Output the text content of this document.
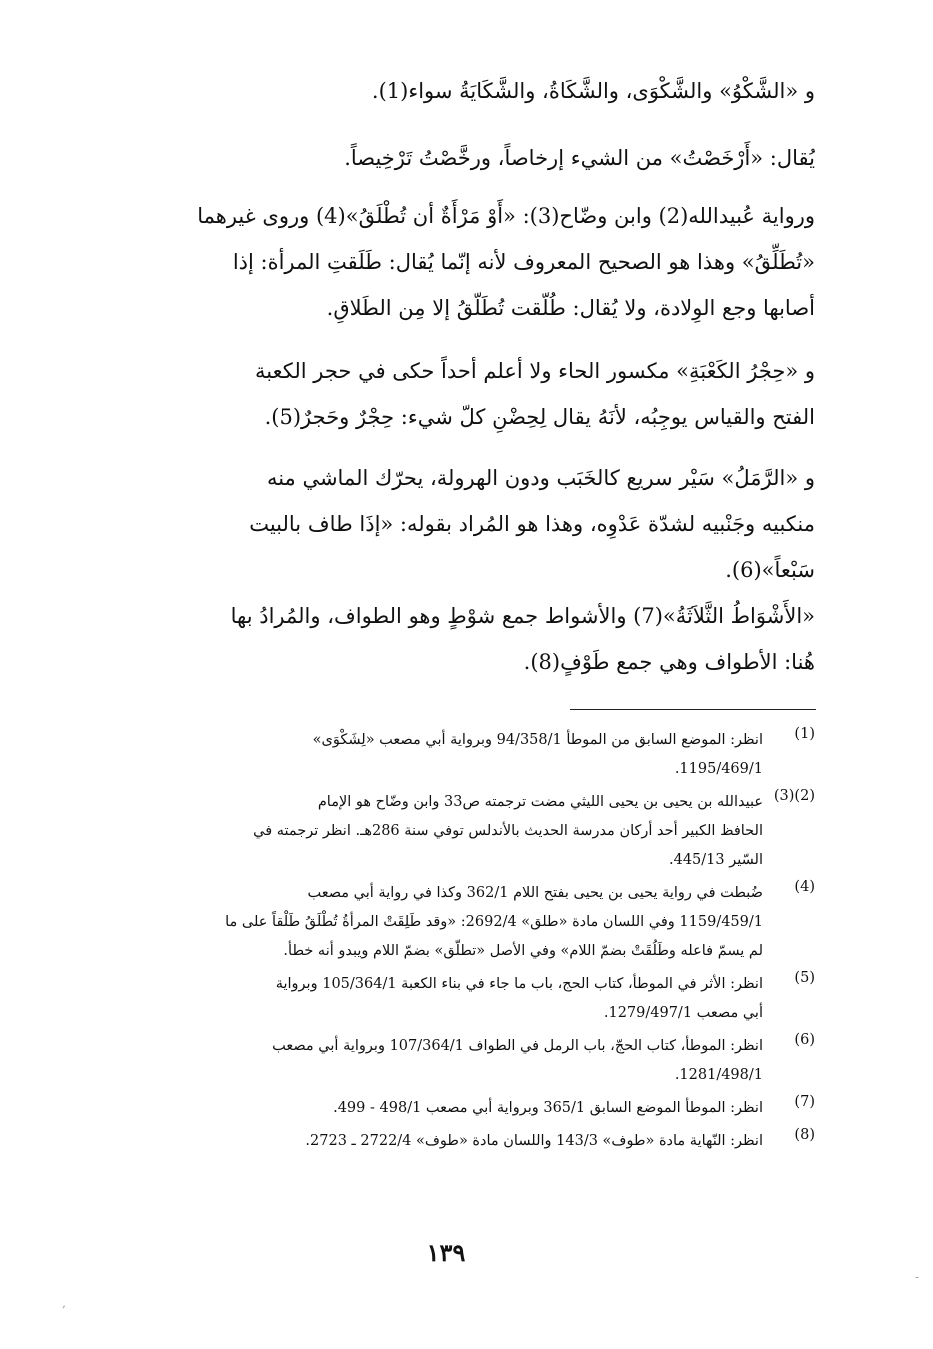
و «الشَّكْوُ» والشَّكْوَى، والشَّكَاةُ، والشَّكَايَةُ سواء(1).
يُقال: «أَرْخَصْتُ» من الشيء إرخاصاً، ورخَّصْتُ تَرْخِيصاً.
ورواية عُبيدالله(2) وابن وضّاح(3): «أَوْ مَرْأَةٌ أن تُطْلَقُ»(4) وروى غيرهما
«تُطَلِّقُ» وهذا هو الصحيح المعروف لأنه إنّما يُقال: طَلَقتِ المرأة: إذا
أصابها وجع الوِلادة، ولا يُقال: طُلّقت تُطَلّقُ إلا مِن الطَلاقِ.
و «حِجْرُ الكَعْبَةِ» مكسور الحاء ولا أعلم أحداً حكى في حجر الكعبة
الفتح والقياس يوجِبُه، لأنَهُ يقال لِحِضْنِ كلّ شيء: حِجْرٌ وحَجرٌ(5).
و «الرَّمَلُ» سَيْر سريع كالخَبَب ودون الهرولة، يحرّك الماشي منه
منكبيه وجَنْبيه لشدّة عَدْوِه، وهذا هو المُراد بقوله: «إذَا طاف بالبيت
سَبْعاً»(6).
«الأَشْوَاطُ الثَّلاَثَةُ»(7) والأشواط جمع شوْطٍ وهو الطواف، والمُرادُ بها
هُنا: الأطواف وهي جمع طَوْفٍ(8).
(1)
انظر: الموضع السابق من الموطأ 94/358/1 وبرواية أبي مصعب «لِشَكْوَى»
1195/469/1.
(2)(3)
عبيدالله بن يحيى بن يحيى الليثي مضت ترجمته ص33 وابن وضّاح هو الإمام
الحافظ الكبير أحد أركان مدرسة الحديث بالأندلس توفي سنة 286هـ. انظر ترجمته في
السّير 445/13.
(4)
ضُبطت في رواية يحيى بن يحيى بفتح اللام 362/1 وكذا في رواية أبي مصعب
1159/459/1 وفي اللسان مادة «طلق» 2692/4: «وقد طَلِقَتْ المرأةُ تُطْلَقُ طَلْقاً على ما
لم يسمّ فاعله وطَلُقَتْ بضمّ اللام» وفي الأصل «تطلّق» بضمّ اللام ويبدو أنه خطأ.
(5)
انظر: الأثر في الموطأ، كتاب الحج، باب ما جاء في بناء الكعبة 105/364/1 وبرواية
أبي مصعب 1279/497/1.
(6)
انظر: الموطأ، كتاب الحجّ، باب الرمل في الطواف 107/364/1 وبرواية أبي مصعب
1281/498/1.
(7)
انظر: الموطأ الموضع السابق 365/1 وبرواية أبي مصعب 498/1 - 499.
(8)
انظر: النّهاية مادة «طوف» 143/3 واللسان مادة «طوف» 2722/4 ـ 2723.
١٣٩
-
‚
